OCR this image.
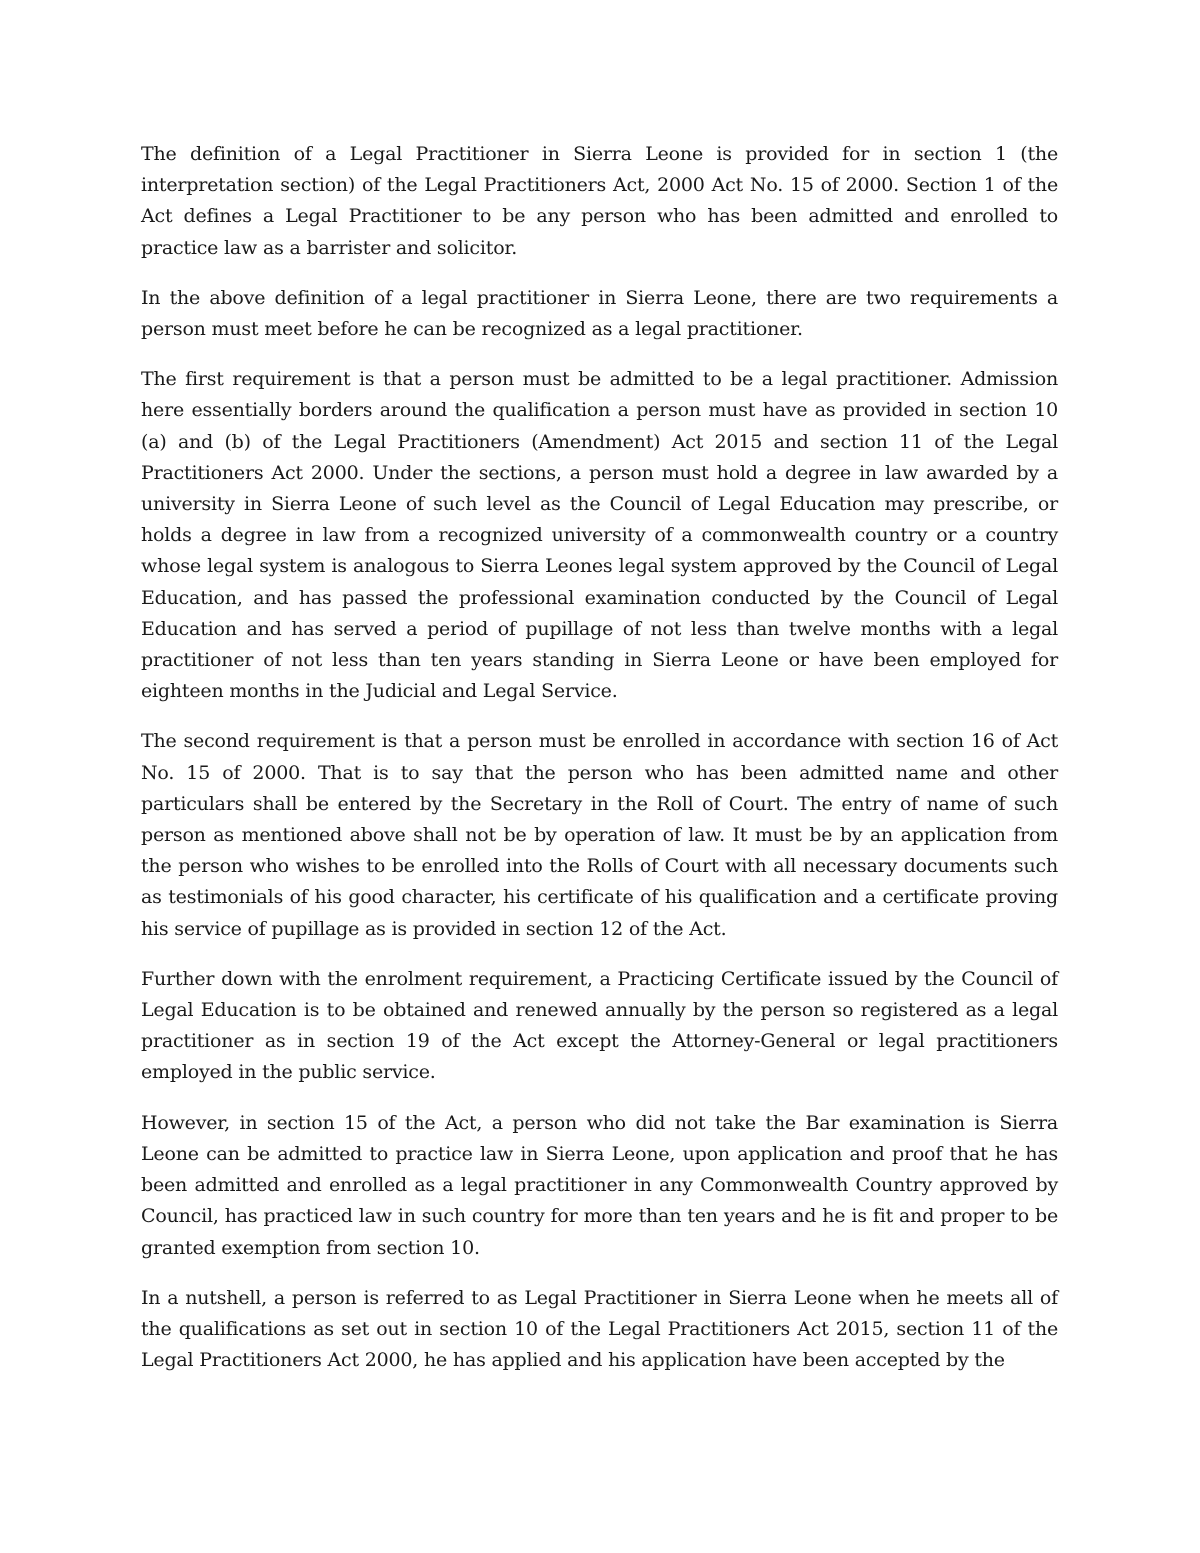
The definition of a Legal Practitioner in Sierra Leone is provided for in section 1 (the interpretation section) of the Legal Practitioners Act, 2000 Act No. 15 of 2000. Section 1 of the Act defines a Legal Practitioner to be any person who has been admitted and enrolled to practice law as a barrister and solicitor.

In the above definition of a legal practitioner in Sierra Leone, there are two requirements a person must meet before he can be recognized as a legal practitioner.

The first requirement is that a person must be admitted to be a legal practitioner. Admission here essentially borders around the qualification a person must have as provided in section 10 (a) and (b) of the Legal Practitioners (Amendment) Act 2015 and section 11 of the Legal Practitioners Act 2000. Under the sections, a person must hold a degree in law awarded by a university in Sierra Leone of such level as the Council of Legal Education may prescribe, or holds a degree in law from a recognized university of a commonwealth country or a country whose legal system is analogous to Sierra Leones legal system approved by the Council of Legal Education, and has passed the professional examination conducted by the Council of Legal Education and has served a period of pupillage of not less than twelve months with a legal practitioner of not less than ten years standing in Sierra Leone or have been employed for eighteen months in the Judicial and Legal Service.

The second requirement is that a person must be enrolled in accordance with section 16 of Act No. 15 of 2000. That is to say that the person who has been admitted name and other particulars shall be entered by the Secretary in the Roll of Court. The entry of name of such person as mentioned above shall not be by operation of law. It must be by an application from the person who wishes to be enrolled into the Rolls of Court with all necessary documents such as testimonials of his good character, his certificate of his qualification and a certificate proving his service of pupillage as is provided in section 12 of the Act.

Further down with the enrolment requirement, a Practicing Certificate issued by the Council of Legal Education is to be obtained and renewed annually by the person so registered as a legal practitioner as in section 19 of the Act except the Attorney-General or legal practitioners employed in the public service.

However, in section 15 of the Act, a person who did not take the Bar examination is Sierra Leone can be admitted to practice law in Sierra Leone, upon application and proof that he has been admitted and enrolled as a legal practitioner in any Commonwealth Country approved by Council, has practiced law in such country for more than ten years and he is fit and proper to be granted exemption from section 10.

In a nutshell, a person is referred to as Legal Practitioner in Sierra Leone when he meets all of the qualifications as set out in section 10 of the Legal Practitioners Act 2015, section 11 of the Legal Practitioners Act 2000, he has applied and his application have been accepted by the
